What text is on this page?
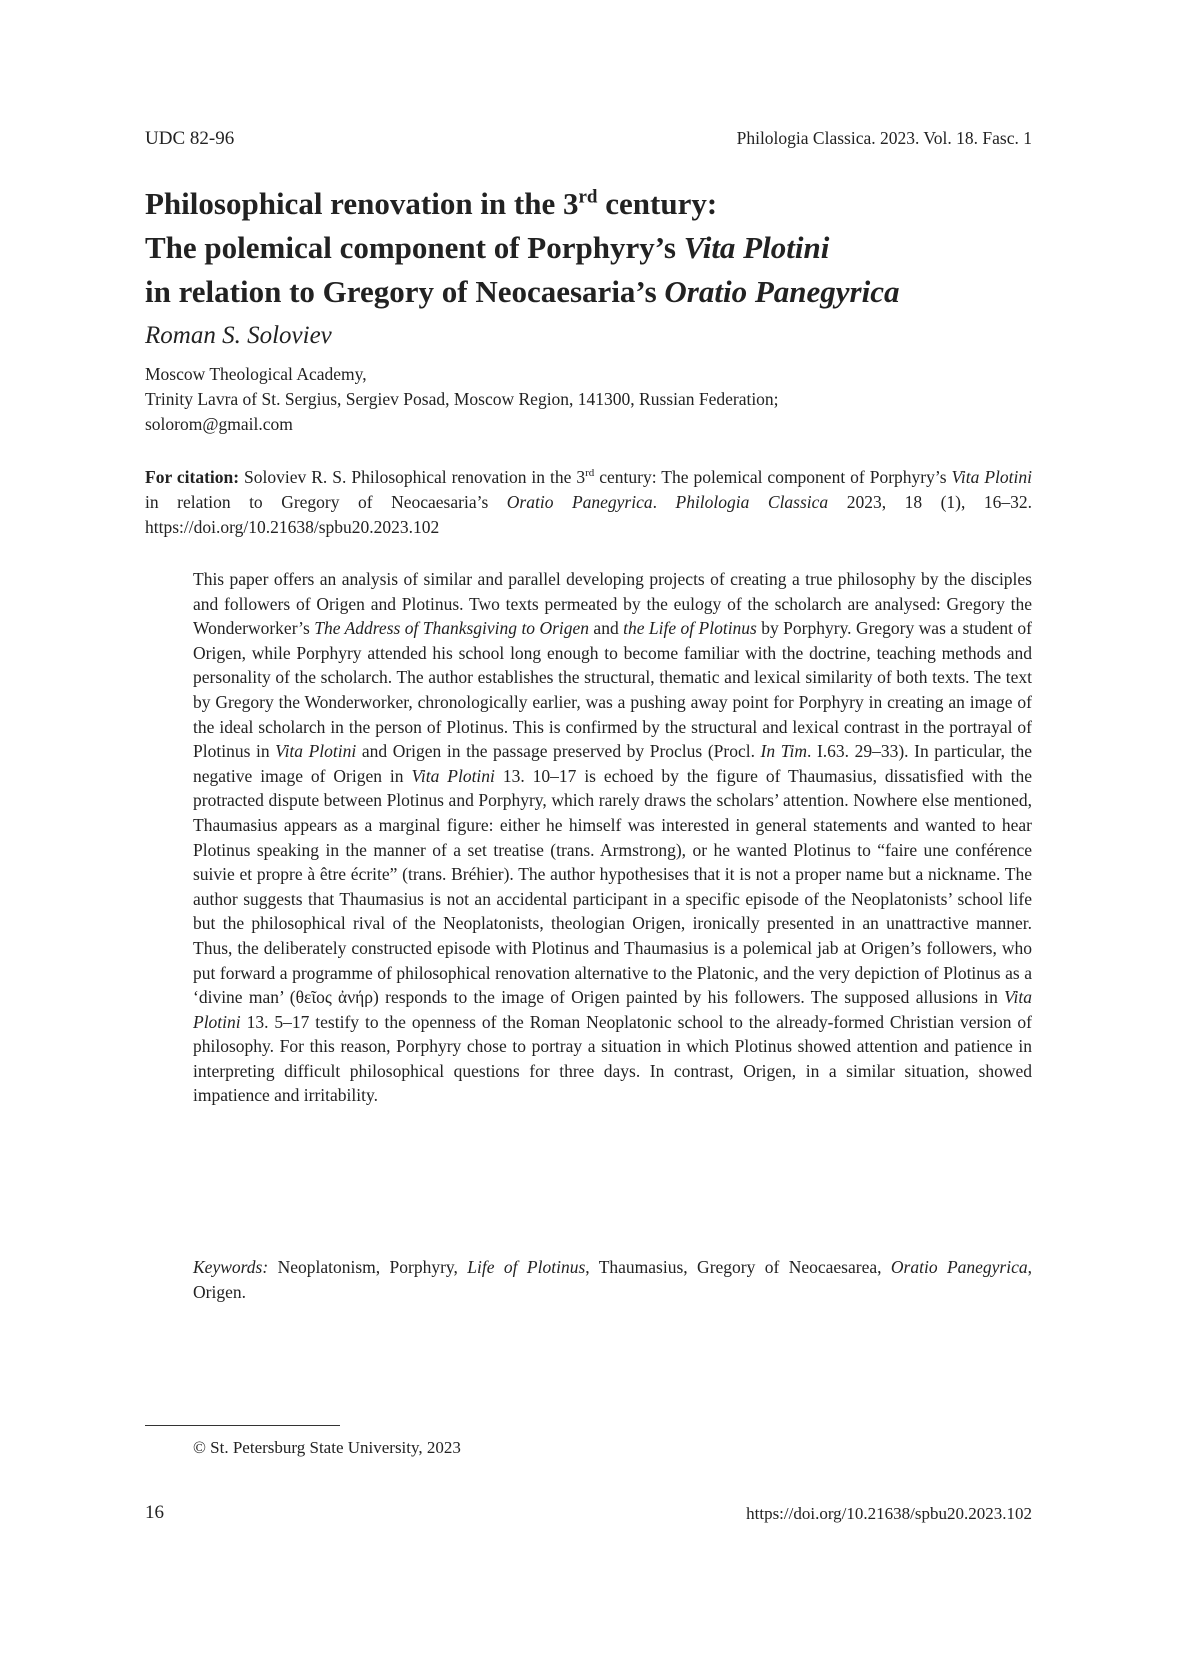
UDC 82-96	Philologia Classica. 2023. Vol. 18. Fasc. 1
Philosophical renovation in the 3rd century:
The polemical component of Porphyry’s Vita Plotini
in relation to Gregory of Neocaesaria’s Oratio Panegyrica

Roman S. Soloviev

Moscow Theological Academy,
Trinity Lavra of St. Sergius, Sergiev Posad, Moscow Region, 141300, Russian Federation;
solorom@gmail.com

For citation: Soloviev R. S. Philosophical renovation in the 3rd century: The polemical component of Porphyry’s Vita Plotini in relation to Gregory of Neocaesaria’s Oratio Panegyrica. Philologia Classica 2023, 18 (1), 16–32. https://doi.org/10.21638/spbu20.2023.102

This paper offers an analysis of similar and parallel developing projects of creating a true philosophy by the disciples and followers of Origen and Plotinus. Two texts permeated by the eulogy of the scholarch are analysed: Gregory the Wonderworker’s The Address of Thanksgiving to Origen and the Life of Plotinus by Porphyry. Gregory was a student of Origen, while Porphyry attended his school long enough to become familiar with the doctrine, teaching methods and personality of the scholarch. The author establishes the structural, thematic and lexical similarity of both texts. The text by Gregory the Wonderworker, chronologically earlier, was a pushing away point for Porphyry in creating an image of the ideal scholarch in the person of Plotinus. This is confirmed by the structural and lexical contrast in the portrayal of Plotinus in Vita Plotini and Origen in the passage preserved by Proclus (Procl. In Tim. I.63. 29–33). In particular, the negative image of Origen in Vita Plotini 13. 10–17 is echoed by the figure of Thaumasius, dissatisfied with the protracted dispute between Plotinus and Porphyry, which rarely draws the scholars’ attention. Nowhere else mentioned, Thaumasius appears as a marginal figure: either he himself was interested in general statements and wanted to hear Plotinus speaking in the manner of a set treatise (trans. Armstrong), or he wanted Plotinus to “faire une conférence suivie et propre à être écrite” (trans. Bréhier). The author hypothesises that it is not a proper name but a nickname. The author suggests that Thaumasius is not an accidental participant in a specific episode of the Neoplatonists’ school life but the philosophical rival of the Neoplatonists, theologian Origen, ironically presented in an unattractive manner. Thus, the deliberately constructed episode with Plotinus and Thaumasius is a polemical jab at Origen’s followers, who put forward a programme of philosophical renovation alternative to the Platonic, and the very depiction of Plotinus as a ‘divine man’ (θεῖος ἀνήρ) responds to the image of Origen painted by his followers. The supposed allusions in Vita Plotini 13. 5–17 testify to the openness of the Roman Neoplatonic school to the already-formed Christian version of philosophy. For this reason, Porphyry chose to portray a situation in which Plotinus showed attention and patience in interpreting difficult philosophical questions for three days. In contrast, Origen, in a similar situation, showed impatience and irritability.

Keywords: Neoplatonism, Porphyry, Life of Plotinus, Thaumasius, Gregory of Neocaesarea, Oratio Panegyrica, Origen.

© St. Petersburg State University, 2023
16	https://doi.org/10.21638/spbu20.2023.102
